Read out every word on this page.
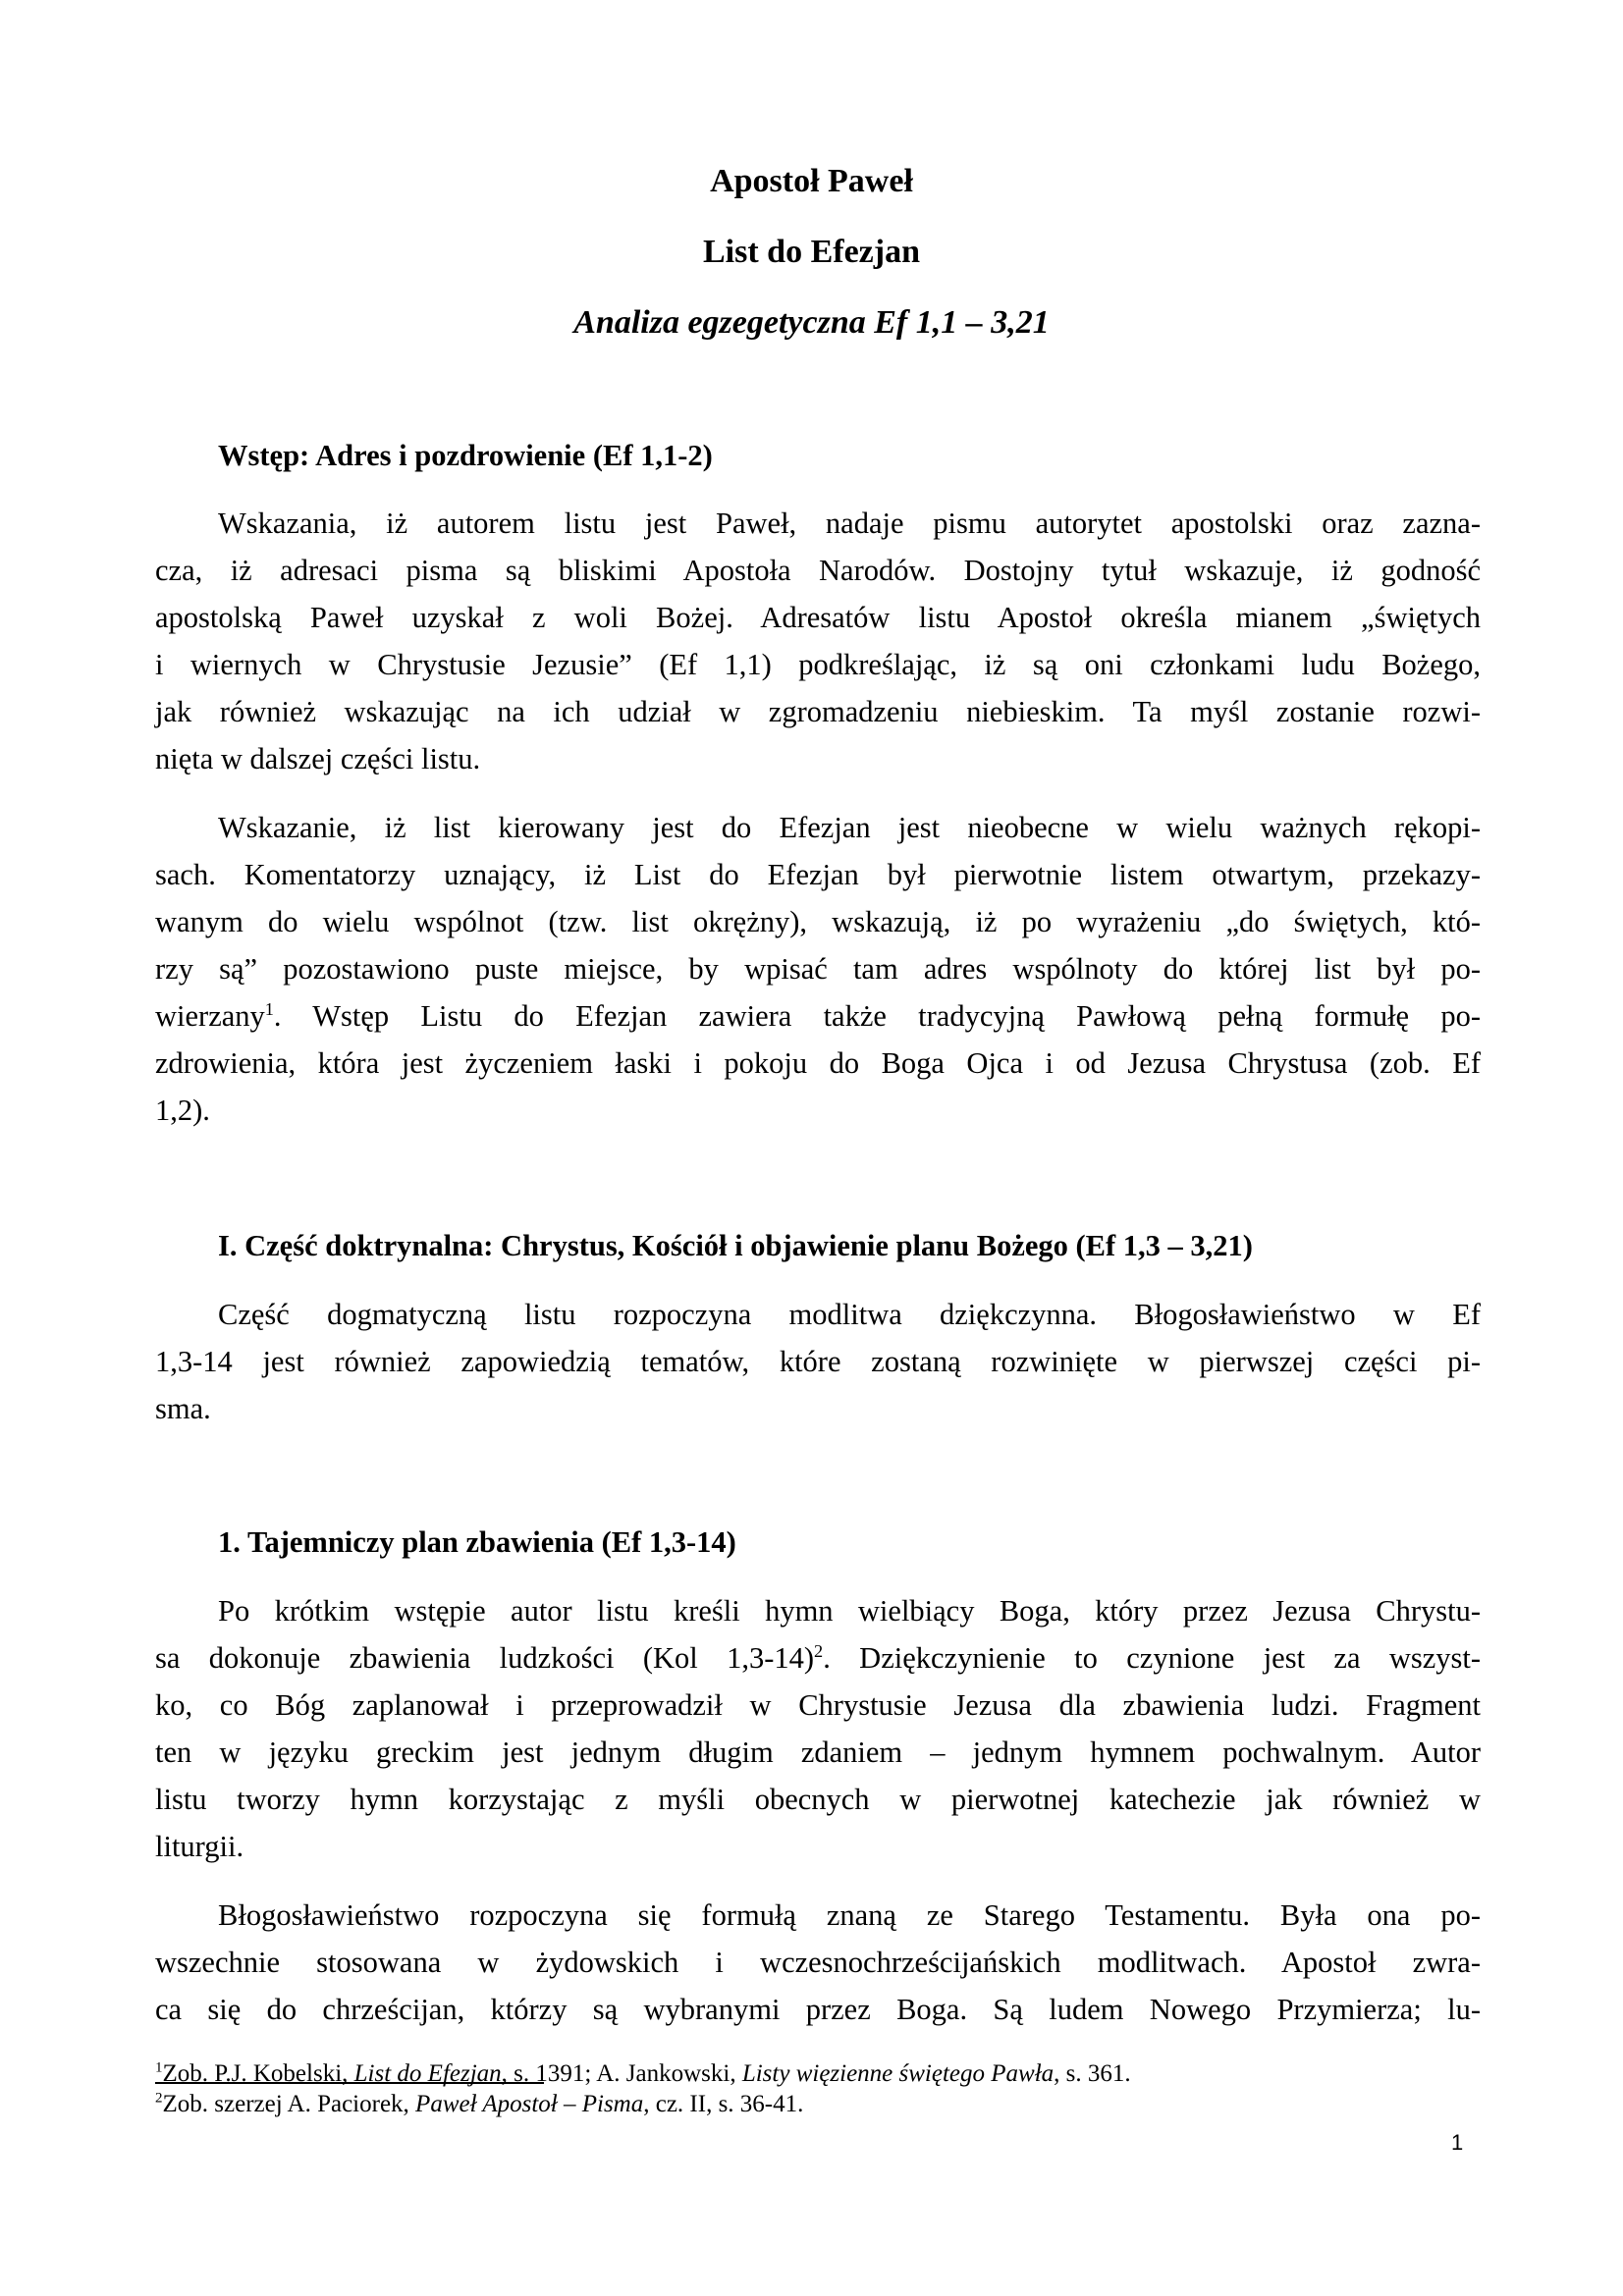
Apostoł Paweł
List do Efezjan
Analiza egzegetyczna Ef 1,1 – 3,21
Wstęp: Adres i pozdrowienie (Ef 1,1-2)
Wskazania, iż autorem listu jest Paweł, nadaje pismu autorytet apostolski oraz zazna-
cza, iż adresaci pisma są bliskimi Apostoła Narodów. Dostojny tytuł wskazuje, iż godność
apostolską Paweł uzyskał z woli Bożej. Adresatów listu Apostoł określa mianem „świętych
i wiernych w Chrystusie Jezusie” (Ef 1,1) podkreślając, iż są oni członkami ludu Bożego,
jak również wskazując na ich udział w zgromadzeniu niebieskim. Ta myśl zostanie rozwi-
nięta w dalszej części listu.
Wskazanie, iż list kierowany jest do Efezjan jest nieobecne w wielu ważnych rękopi-
sach. Komentatorzy uznający, iż List do Efezjan był pierwotnie listem otwartym, przekazy-
wanym do wielu wspólnot (tzw. list okrężny), wskazują, iż po wyrażeniu „do świętych, któ-
rzy są” pozostawiono puste miejsce, by wpisać tam adres wspólnoty do której list był po-
wierzany$^1$. Wstęp Listu do Efezjan zawiera także tradycyjną Pawłową pełną formułę po-
zdrowienia, która jest życzeniem łaski i pokoju do Boga Ojca i od Jezusa Chrystusa (zob. Ef
1,2).
I. Część doktrynalna: Chrystus, Kościół i objawienie planu Bożego (Ef 1,3 – 3,21)
Część dogmatyczną listu rozpoczyna modlitwa dziękczynna. Błogosławieństwo w Ef
1,3-14 jest również zapowiedzią tematów, które zostaną rozwinięte w pierwszej części pi-
sma.
1. Tajemniczy plan zbawienia (Ef 1,3-14)
Po krótkim wstępie autor listu kreśli hymn wielbiący Boga, który przez Jezusa Chrystu-
sa dokonuje zbawienia ludzkości (Kol 1,3-14)$^2$. Dziękczynienie to czynione jest za wszyst-
ko, co Bóg zaplanował i przeprowadził w Chrystusie Jezusa dla zbawienia ludzi. Fragment
ten w języku greckim jest jednym długim zdaniem – jednym hymnem pochwalnym. Autor
listu tworzy hymn korzystając z myśli obecnych w pierwotnej katechezie jak również w
liturgii.
Błogosławieństwo rozpoczyna się formułą znaną ze Starego Testamentu. Była ona po-
wszechnie stosowana w żydowskich i wczesnochrześcijańskich modlitwach. Apostoł zwra-
ca się do chrześcijan, którzy są wybranymi przez Boga. Są ludem Nowego Przymierza; lu-
$^1$Zob. P.J. Kobelski, List do Efezjan, s. 1391; A. Jankowski, Listy więzienne świętego Pawła, s. 361.
$^2$Zob. szerzej A. Paciorek, Paweł Apostoł – Pisma, cz. II, s. 36-41.
1
